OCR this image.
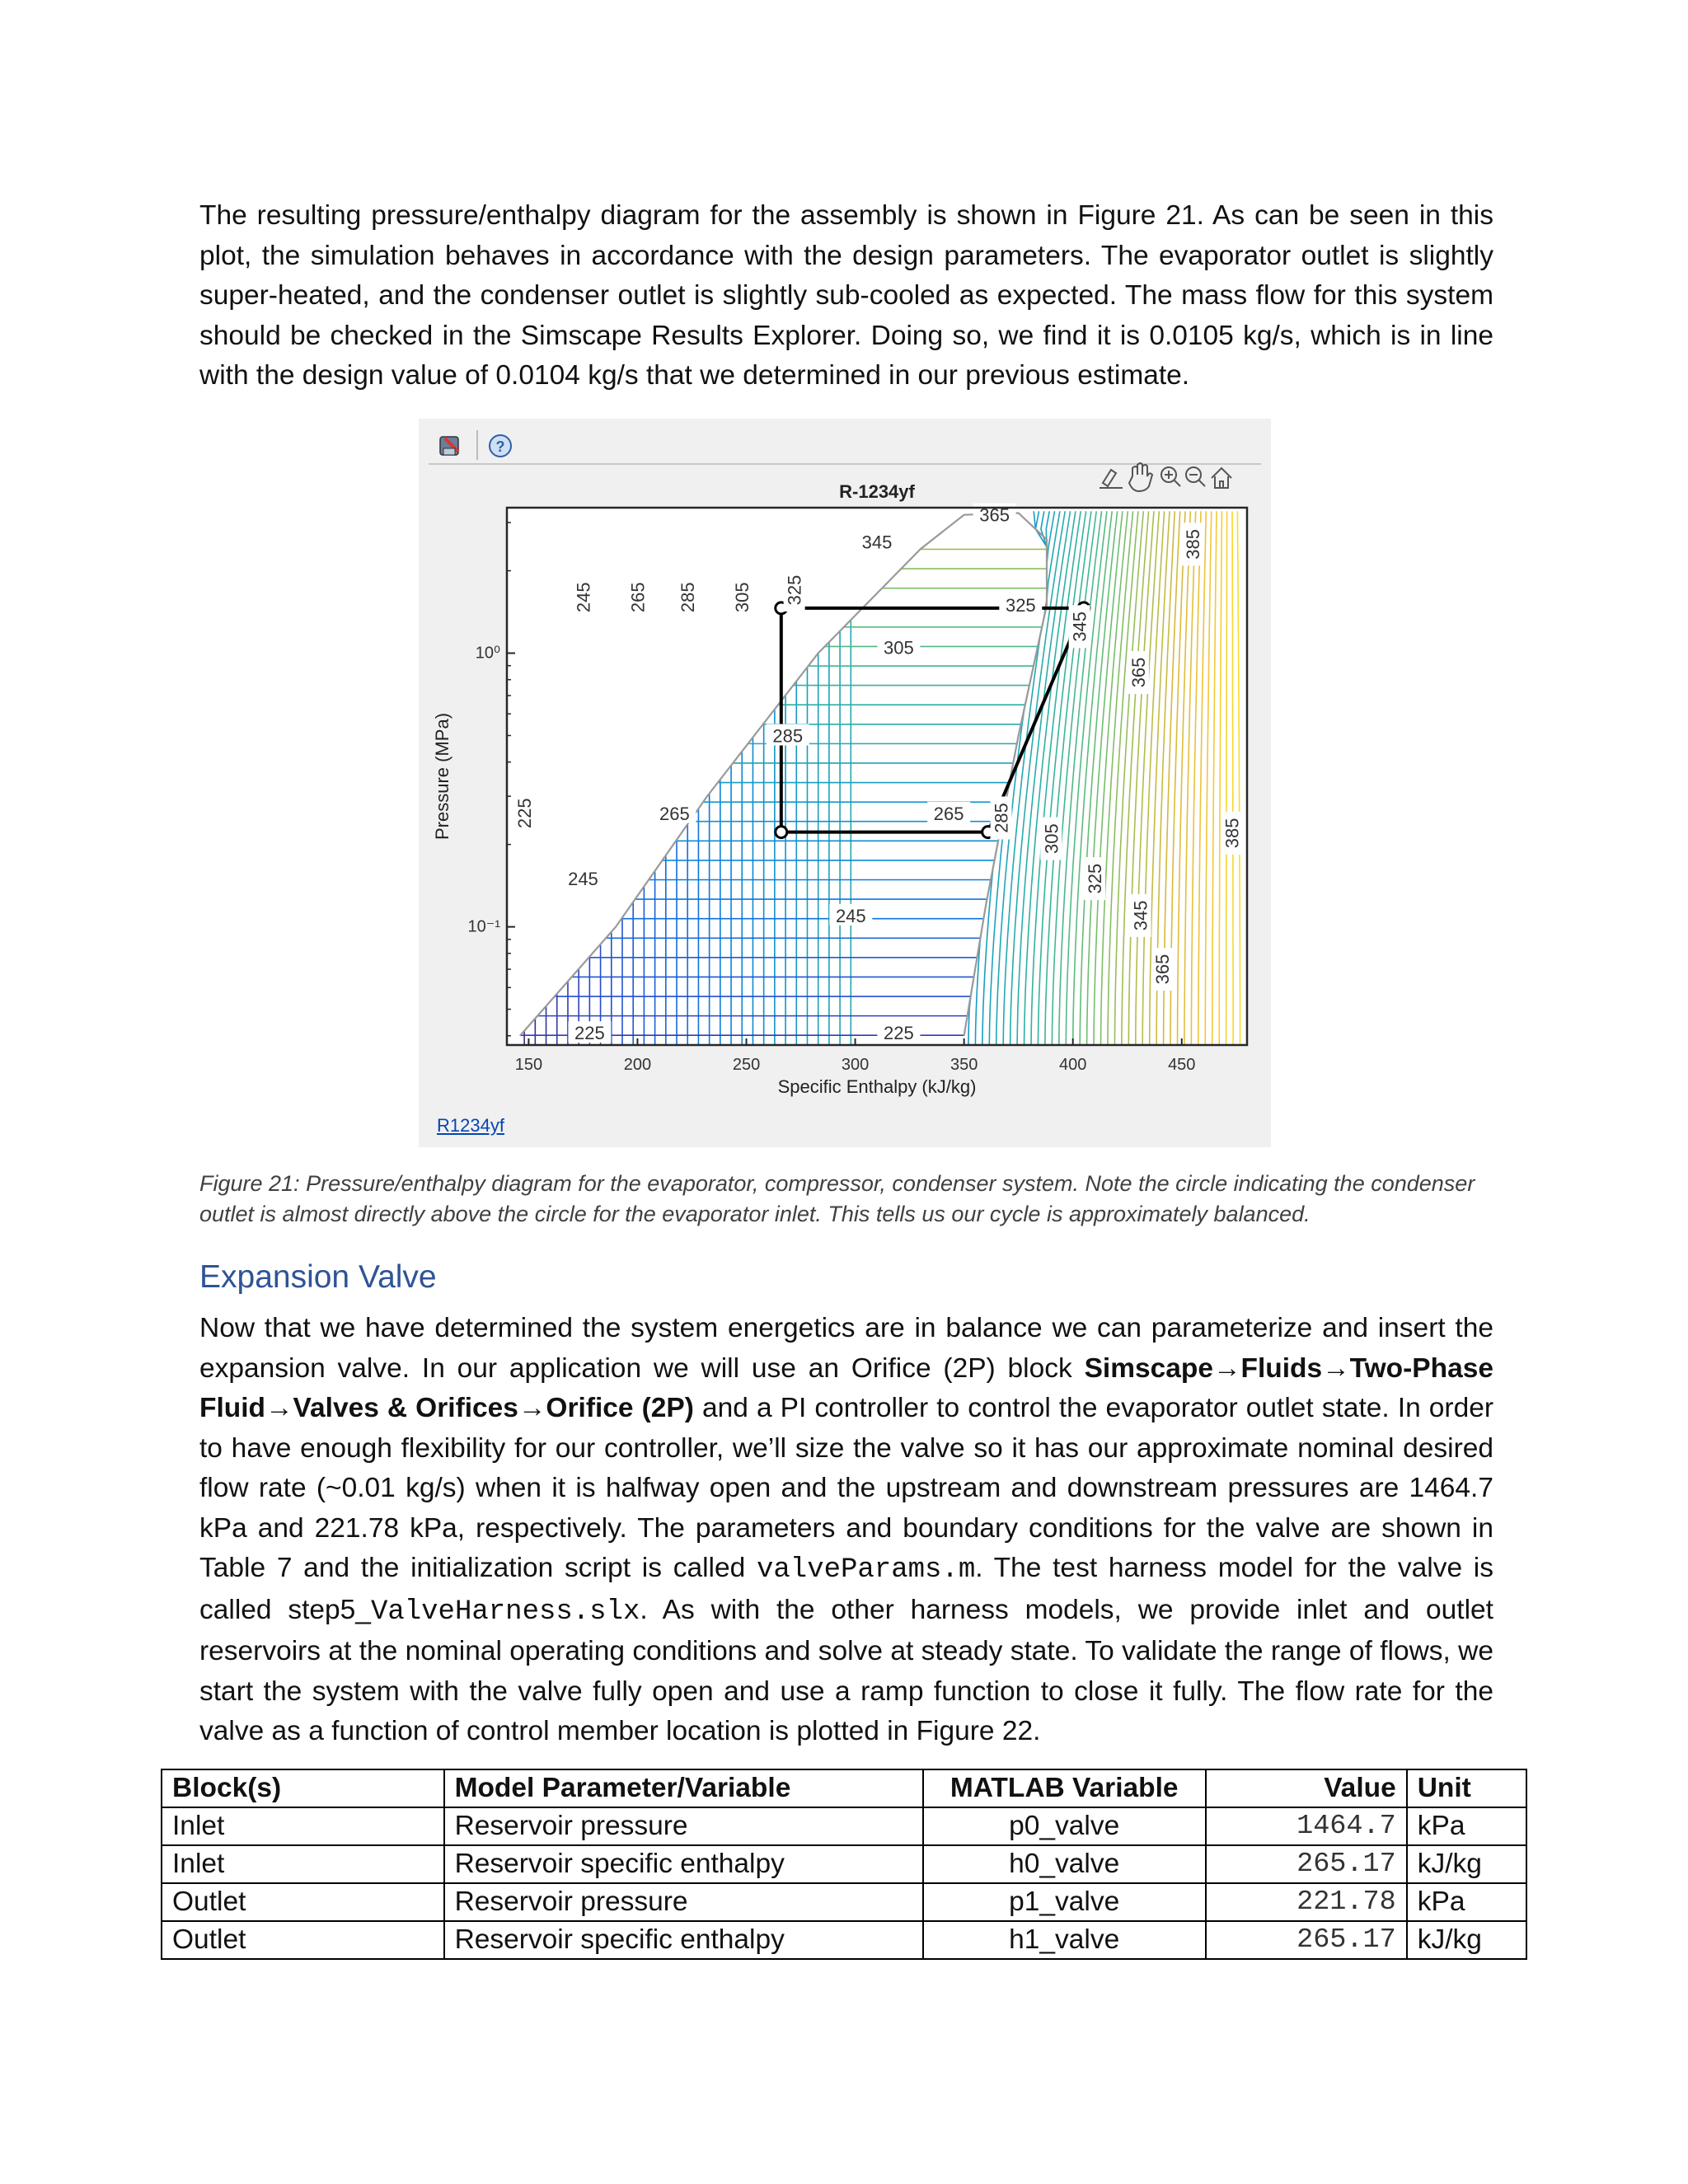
The resulting pressure/enthalpy diagram for the assembly is shown in Figure 21. As can be seen in this plot, the simulation behaves in accordance with the design parameters. The evaporator outlet is slightly super-heated, and the condenser outlet is slightly sub-cooled as expected. The mass flow for this system should be checked in the Simscape Results Explorer. Doing so, we find it is 0.0105 kg/s, which is in line with the design value of 0.0104 kg/s that we determined in our previous estimate.

?
225	225
245
265	265
285
305
325
345
365
385
225
245 265 285 305 325
245
285
305
325
345
365
345
365
385
150	200	250	300	350	400	450
10⁰
10⁻¹
R-1234yf
Specific Enthalpy (kJ/kg)
Pressure (MPa)
R1234yf

Figure 21: Pressure/enthalpy diagram for the evaporator, compressor, condenser system. Note the circle indicating the condenser outlet is almost directly above the circle for the evaporator inlet. This tells us our cycle is approximately balanced.

Expansion Valve

Now that we have determined the system energetics are in balance we can parameterize and insert the expansion valve. In our application we will use an Orifice (2P) block Simscape→Fluids→Two-Phase Fluid→Valves & Orifices→Orifice (2P) and a PI controller to control the evaporator outlet state. In order to have enough flexibility for our controller, we’ll size the valve so it has our approximate nominal desired flow rate (~0.01 kg/s) when it is halfway open and the upstream and downstream pressures are 1464.7 kPa and 221.78 kPa, respectively. The parameters and boundary conditions for the valve are shown in Table 7 and the initialization script is called valveParams.m. The test harness model for the valve is called step5_ValveHarness.slx. As with the other harness models, we provide inlet and outlet reservoirs at the nominal operating conditions and solve at steady state. To validate the range of flows, we start the system with the valve fully open and use a ramp function to close it fully. The flow rate for the valve as a function of control member location is plotted in Figure 22.

Block(s)	Model Parameter/Variable	MATLAB Variable	Value	Unit
Inlet	Reservoir pressure	p0_valve	1464.7	kPa
Inlet	Reservoir specific enthalpy	h0_valve	265.17	kJ/kg
Outlet	Reservoir pressure	p1_valve	221.78	kPa
Outlet	Reservoir specific enthalpy	h1_valve	265.17	kJ/kg
